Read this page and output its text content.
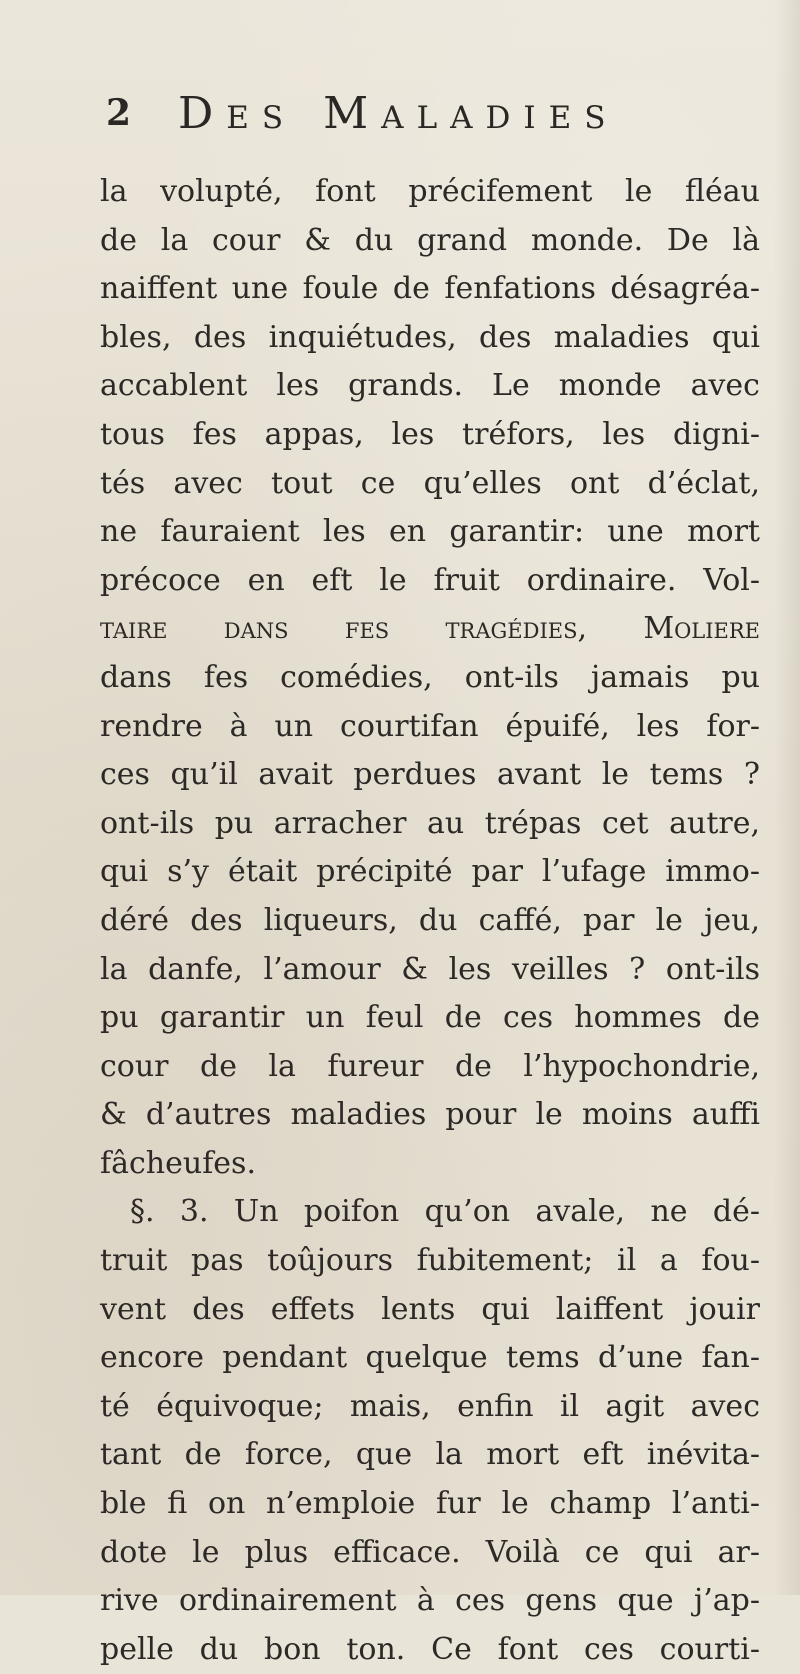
2 Des Maladies
la volupté, font précifement le fléau
de la cour & du grand monde. De là
naiffent une foule de fenfations désagréa-
bles, des inquiétudes, des maladies qui
accablent les grands. Le monde avec
tous fes appas, les tréfors, les digni-
tés avec tout ce qu’elles ont d’éclat,
ne fauraient les en garantir: une mort
précoce en eft le fruit ordinaire. Vol-
taire dans fes tragédies, Moliere
dans fes comédies, ont-ils jamais pu
rendre à un courtifan épuifé, les for-
ces qu’il avait perdues avant le tems ?
ont-ils pu arracher au trépas cet autre,
qui s’y était précipité par l’ufage immo-
déré des liqueurs, du caffé, par le jeu,
la danfe, l’amour & les veilles ? ont-ils
pu garantir un feul de ces hommes de
cour de la fureur de l’hypochondrie,
& d’autres maladies pour le moins auffi
fâcheufes.
§. 3. Un poifon qu’on avale, ne dé-
truit pas toûjours fubitement; il a fou-
vent des effets lents qui laiffent jouir
encore pendant quelque tems d’une fan-
té équivoque; mais, enfin il agit avec
tant de force, que la mort eft inévita-
ble fi on n’emploie fur le champ l’anti-
dote le plus efficace. Voilà ce qui ar-
rive ordinairement à ces gens que j’ap-
pelle du bon ton. Ce font ces courti-
